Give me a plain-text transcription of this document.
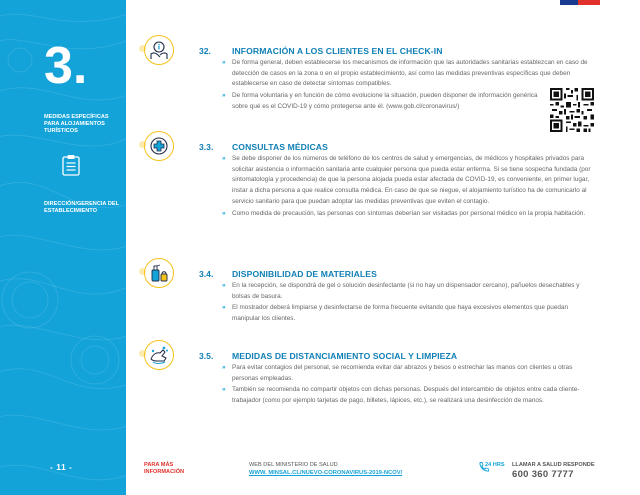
3.
MEDIDAS ESPECÍFICAS PARA ALOJAMIENTOS TURÍSTICOS
DIRECCIÓN/GERENCIA DEL ESTABLECIMIENTO
- 11 -
i	32. INFORMACIÓN A LOS CLIENTES EN EL CHECK-IN
» De forma general, deben establecerse los mecanismos de información que las autoridades sanitarias establezcan en caso de detección de casos en la zona o en el propio establecimiento, así como las medidas preventivas específicas que deben establecerse en caso de detectar síntomas compatibles.
» De forma voluntaria y en función de cómo evolucione la situación, pueden disponer de información genérica sobre qué es el COVID-19 y cómo protegerse ante él. (www.gob.cl/coronavirus/)
3.3. CONSULTAS MÉDICAS
» Se debe disponer de los números de teléfono de los centros de salud y emergencias, de médicos y hospitales privados para solicitar asistencia o información sanitaria ante cualquier persona que pueda estar enferma. Si se tiene sospecha fundada (por sintomatología y procedencia) de que la persona alojada pueda estar afectada de COVID-19, es conveniente, en primer lugar, instar a dicha persona a que realice consulta médica. En caso de que se niegue, el alojamiento turístico ha de comunicarlo al servicio sanitario para que puedan adoptar las medidas preventivas que eviten el contagio.
» Como medida de precaución, las personas con síntomas deberían ser visitadas por personal médico en la propia habitación.
3.4. DISPONIBILIDAD DE MATERIALES
» En la recepción, se dispondrá de gel o solución desinfectante (si no hay un dispensador cercano), pañuelos desechables y bolsas de basura.
» El mostrador deberá limpiarse y desinfectarse de forma frecuente evitando que haya excesivos elementos que puedan manipular los clientes.
3.5. MEDIDAS DE DISTANCIAMIENTO SOCIAL Y LIMPIEZA
» Para evitar contagios del personal, se recomienda evitar dar abrazos y besos o estrechar las manos con clientes u otras personas empleadas.
» También se recomienda no compartir objetos con dichas personas. Después del intercambio de objetos entre cada cliente-trabajador (como por ejemplo tarjetas de pago, billetes, lápices, etc.), se realizará una desinfección de manos.
PARA MÁS INFORMACIÓN
WEB DEL MINISTERIO DE SALUD
WWW. MINSAL.CL/NUEVO-CORONAVIRUS-2019-NCOV/
24 HRS LLAMAR A SALUD RESPONDE
600 360 7777
